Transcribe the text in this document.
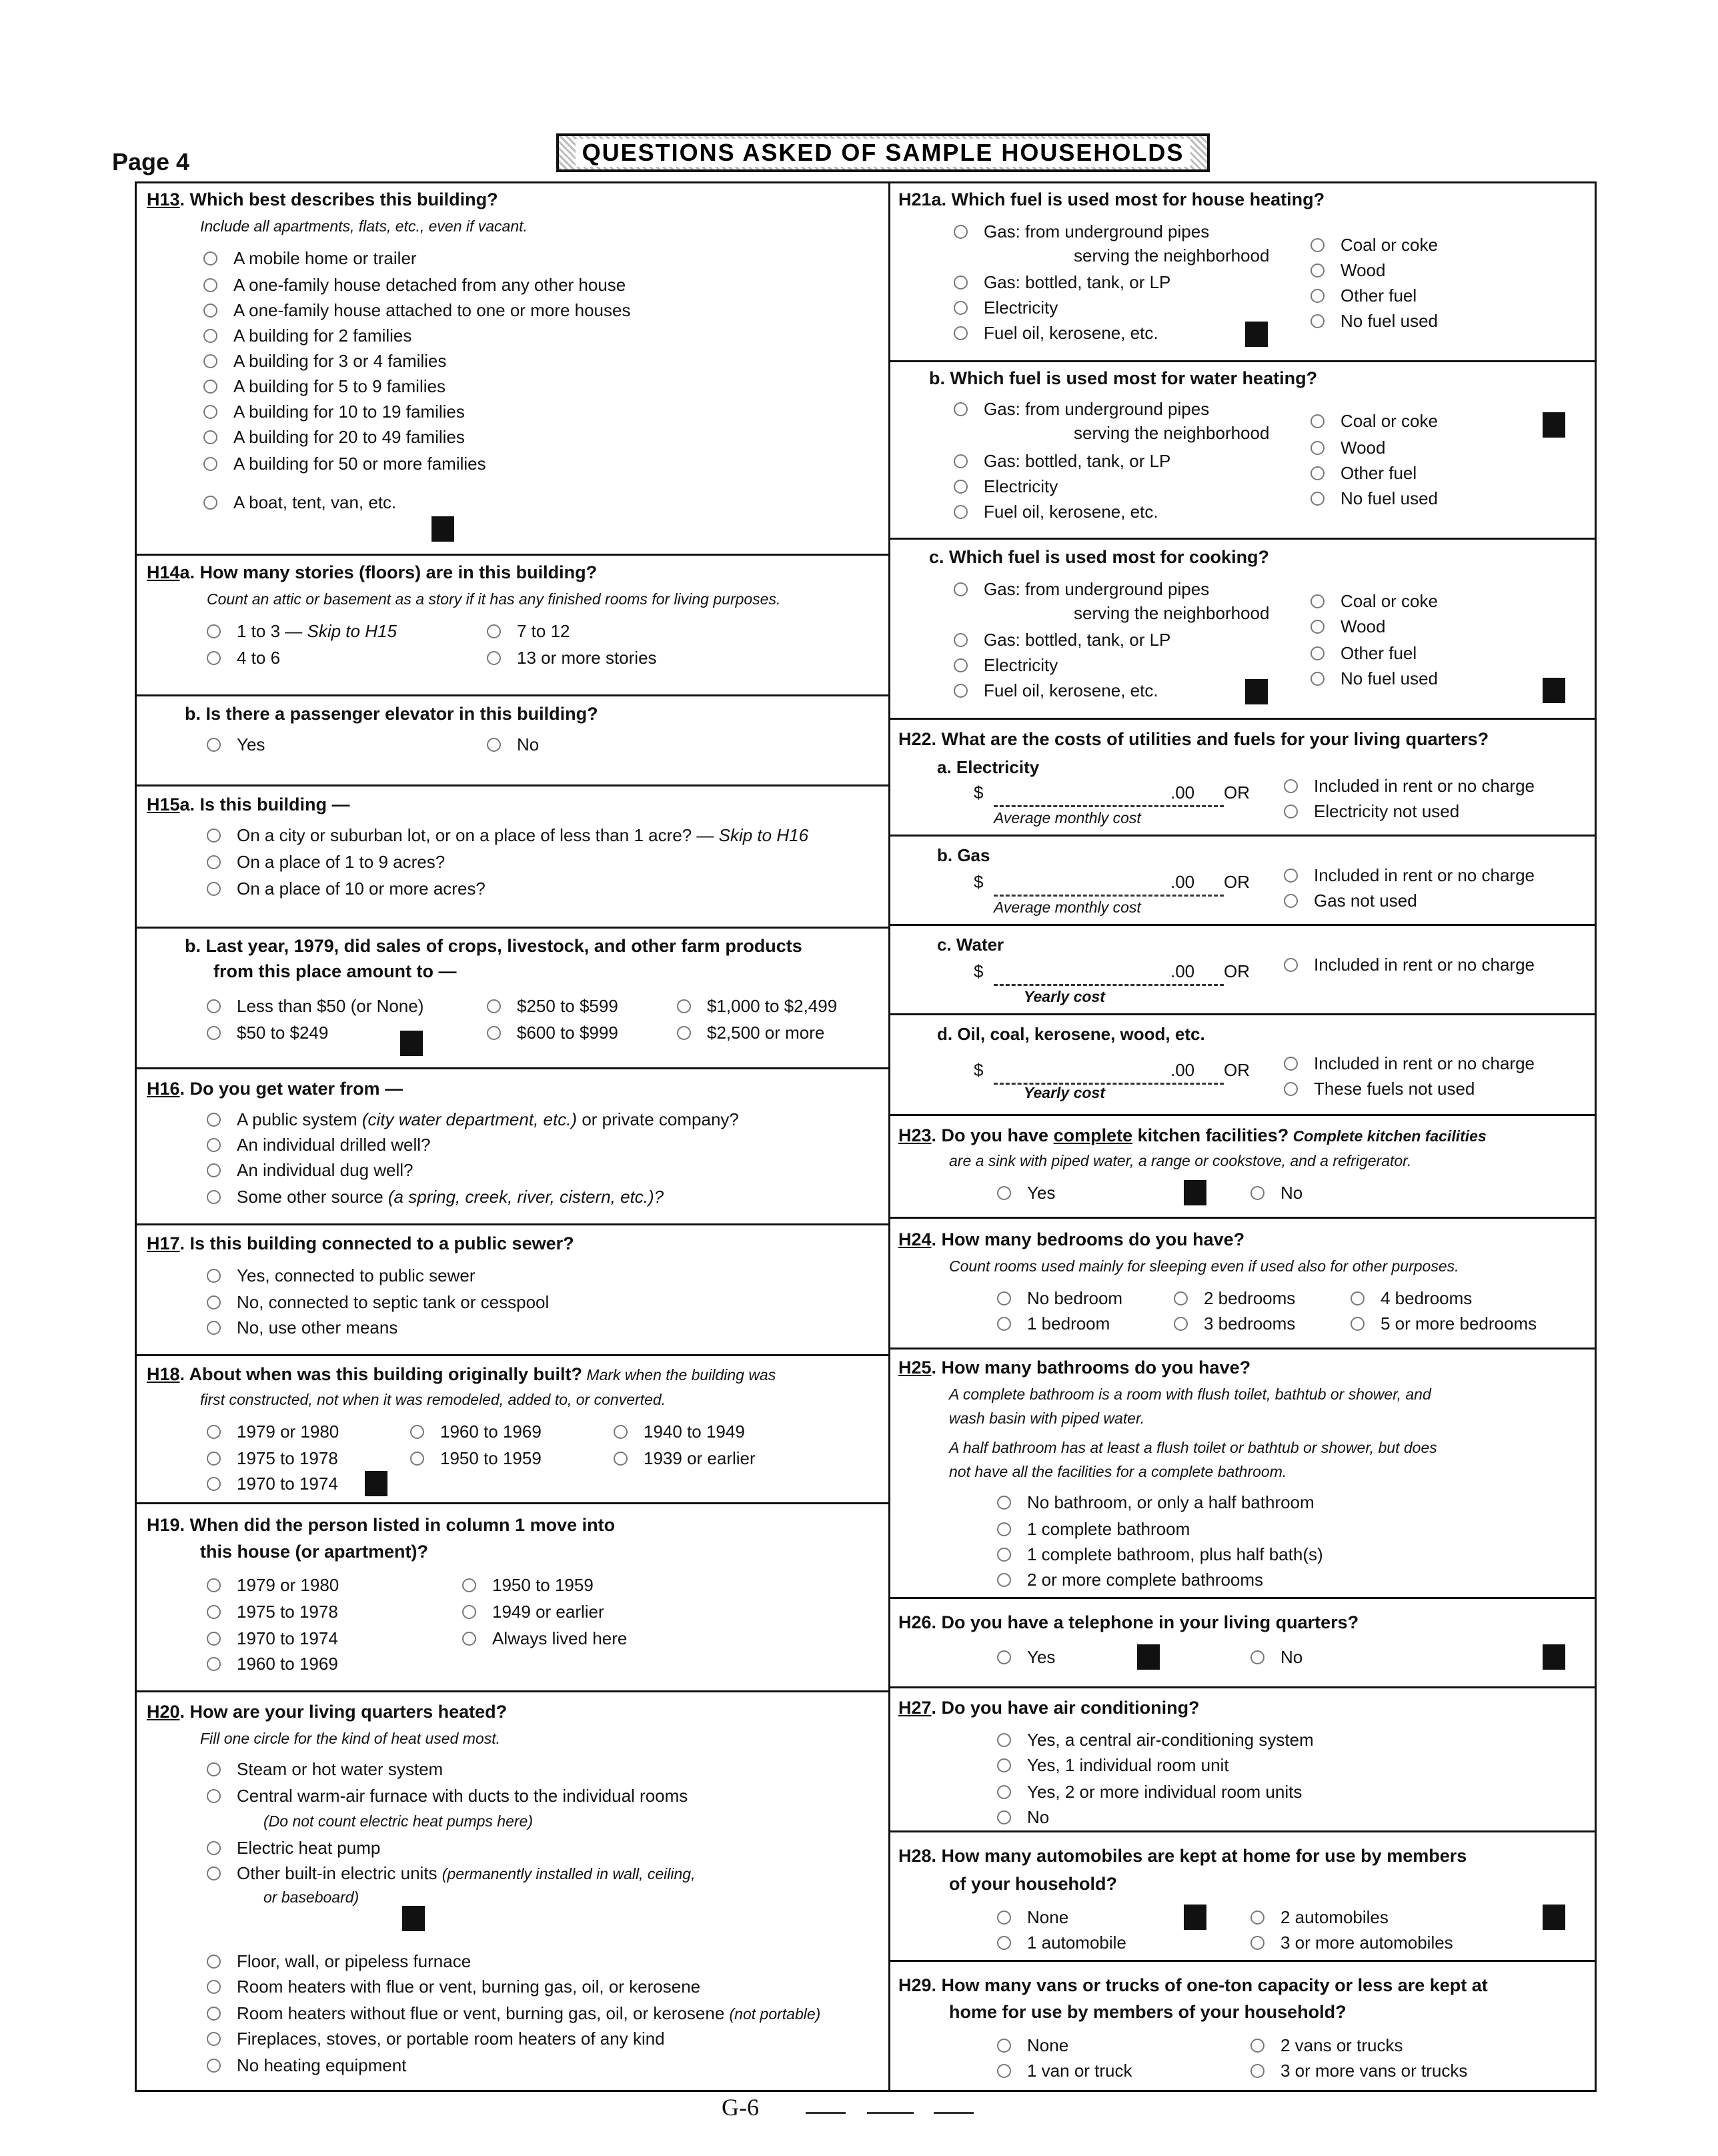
Page 4	QUESTIONS ASKED OF SAMPLE HOUSEHOLDS
H13. Which best describes this building?
Include all apartments, flats, etc., even if vacant.
A mobile home or trailer
A one-family house detached from any other house
A one-family house attached to one or more houses
A building for 2 families
A building for 3 or 4 families
A building for 5 to 9 families
A building for 10 to 19 families
A building for 20 to 49 families
A building for 50 or more families
A boat, tent, van, etc.
H14a. How many stories (floors) are in this building?
Count an attic or basement as a story if it has any finished rooms for living purposes.
1 to 3 — Skip to H15
4 to 6
7 to 12
13 or more stories
b. Is there a passenger elevator in this building?
Yes	No
H15a. Is this building —
On a city or suburban lot, or on a place of less than 1 acre? — Skip to H16
On a place of 1 to 9 acres?
On a place of 10 or more acres?
b. Last year, 1979, did sales of crops, livestock, and other farm products
from this place amount to —
Less than $50 (or None)
$50 to $249
$250 to $599
$600 to $999
$1,000 to $2,499
$2,500 or more
H16. Do you get water from —
A public system (city water department, etc.) or private company?
An individual drilled well?
An individual dug well?
Some other source (a spring, creek, river, cistern, etc.)?
H17. Is this building connected to a public sewer?
Yes, connected to public sewer
No, connected to septic tank or cesspool
No, use other means
H18. About when was this building originally built? Mark when the building was
first constructed, not when it was remodeled, added to, or converted.
1979 or 1980
1975 to 1978
1970 to 1974
1960 to 1969
1950 to 1959
1940 to 1949
1939 or earlier
H19. When did the person listed in column 1 move into
this house (or apartment)?
1979 or 1980
1975 to 1978
1970 to 1974
1960 to 1969
1950 to 1959
1949 or earlier
Always lived here
H20. How are your living quarters heated?
Fill one circle for the kind of heat used most.
Steam or hot water system
Central warm-air furnace with ducts to the individual rooms
(Do not count electric heat pumps here)
Electric heat pump
Other built-in electric units (permanently installed in wall, ceiling,
or baseboard)
Floor, wall, or pipeless furnace
Room heaters with flue or vent, burning gas, oil, or kerosene
Room heaters without flue or vent, burning gas, oil, or kerosene (not portable)
Fireplaces, stoves, or portable room heaters of any kind
No heating equipment
H21a. Which fuel is used most for house heating?
Gas: from underground pipes
serving the neighborhood
Gas: bottled, tank, or LP
Electricity
Fuel oil, kerosene, etc.
Coal or coke
Wood
Other fuel
No fuel used
b. Which fuel is used most for water heating?
Gas: from underground pipes
serving the neighborhood
Gas: bottled, tank, or LP
Electricity
Fuel oil, kerosene, etc.
Coal or coke
Wood
Other fuel
No fuel used
c. Which fuel is used most for cooking?
Gas: from underground pipes
serving the neighborhood
Gas: bottled, tank, or LP
Electricity
Fuel oil, kerosene, etc.
Coal or coke
Wood
Other fuel
No fuel used
H22. What are the costs of utilities and fuels for your living quarters?
a. Electricity
$	.00 OR
Average monthly cost
Included in rent or no charge
Electricity not used
b. Gas
$	.00 OR
Average monthly cost
Included in rent or no charge
Gas not used
c. Water
$	.00 OR
Yearly cost
Included in rent or no charge
d. Oil, coal, kerosene, wood, etc.
$	.00 OR
Yearly cost
Included in rent or no charge
These fuels not used
H23. Do you have complete kitchen facilities? Complete kitchen facilities
are a sink with piped water, a range or cookstove, and a refrigerator.
Yes	No
H24. How many bedrooms do you have?
Count rooms used mainly for sleeping even if used also for other purposes.
No bedroom
1 bedroom
2 bedrooms
3 bedrooms
4 bedrooms
5 or more bedrooms
H25. How many bathrooms do you have?
A complete bathroom is a room with flush toilet, bathtub or shower, and
wash basin with piped water.
A half bathroom has at least a flush toilet or bathtub or shower, but does
not have all the facilities for a complete bathroom.
No bathroom, or only a half bathroom
1 complete bathroom
1 complete bathroom, plus half bath(s)
2 or more complete bathrooms
H26. Do you have a telephone in your living quarters?
Yes	No
H27. Do you have air conditioning?
Yes, a central air-conditioning system
Yes, 1 individual room unit
Yes, 2 or more individual room units
No
H28. How many automobiles are kept at home for use by members
of your household?
None
1 automobile
2 automobiles
3 or more automobiles
H29. How many vans or trucks of one-ton capacity or less are kept at
home for use by members of your household?
None
1 van or truck
2 vans or trucks
3 or more vans or trucks
G-6
